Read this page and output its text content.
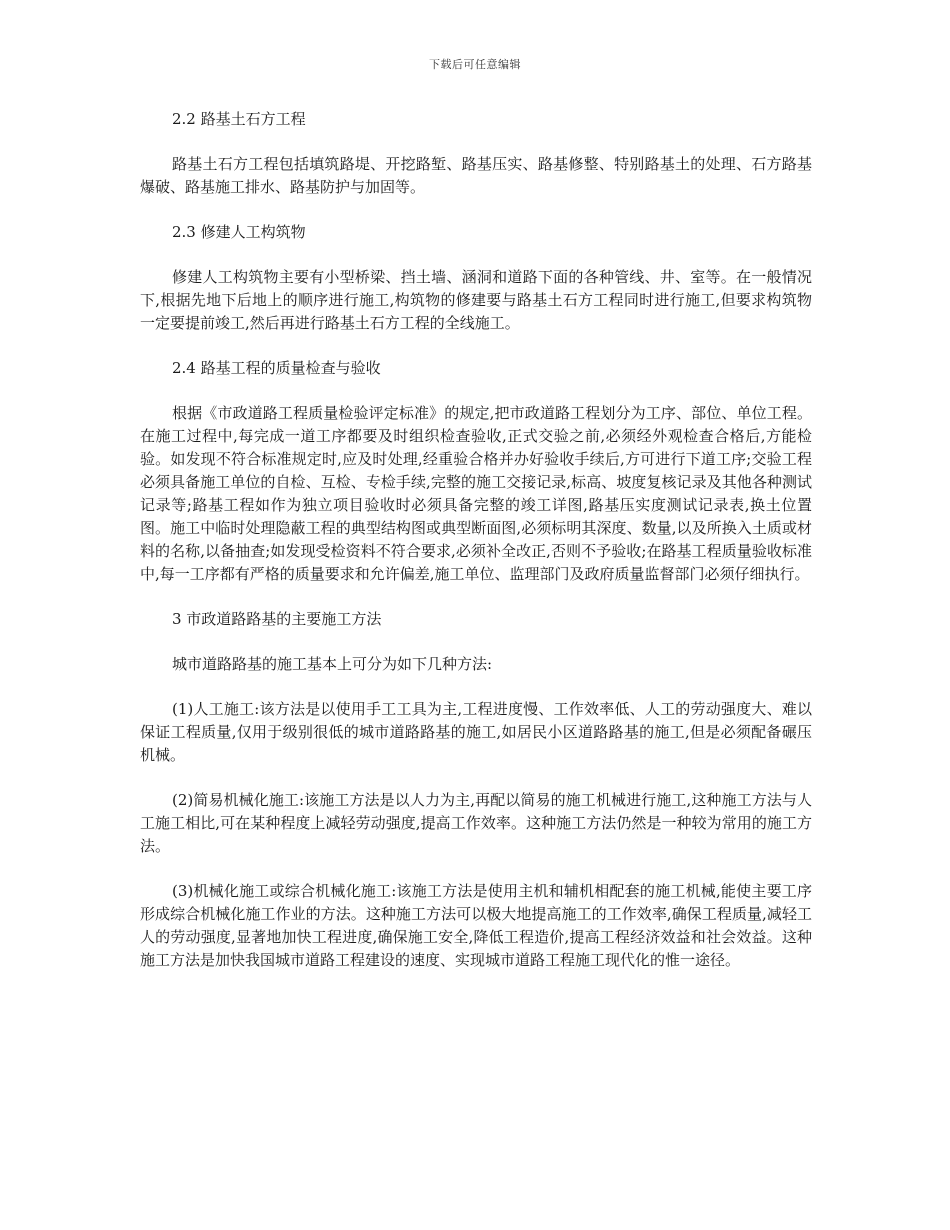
下载后可任意编辑

2.2 路基土石方工程

路基土石方工程包括填筑路堤、开挖路堑、路基压实、路基修整、特别路基土的处理、石方路基爆破、路基施工排水、路基防护与加固等。

2.3 修建人工构筑物

修建人工构筑物主要有小型桥梁、挡土墙、涵洞和道路下面的各种管线、井、室等。在一般情况下,根据先地下后地上的顺序进行施工,构筑物的修建要与路基土石方工程同时进行施工,但要求构筑物一定要提前竣工,然后再进行路基土石方工程的全线施工。

2.4 路基工程的质量检查与验收

根据《市政道路工程质量检验评定标准》的规定,把市政道路工程划分为工序、部位、单位工程。在施工过程中,每完成一道工序都要及时组织检查验收,正式交验之前,必须经外观检查合格后,方能检验。如发现不符合标准规定时,应及时处理,经重验合格并办好验收手续后,方可进行下道工序;交验工程必须具备施工单位的自检、互检、专检手续,完整的施工交接记录,标高、坡度复核记录及其他各种测试记录等;路基工程如作为独立项目验收时必须具备完整的竣工详图,路基压实度测试记录表,换土位置图。施工中临时处理隐蔽工程的典型结构图或典型断面图,必须标明其深度、数量,以及所换入土质或材料的名称,以备抽查;如发现受检资料不符合要求,必须补全改正,否则不予验收;在路基工程质量验收标准中,每一工序都有严格的质量要求和允许偏差,施工单位、监理部门及政府质量监督部门必须仔细执行。

3 市政道路路基的主要施工方法

城市道路路基的施工基本上可分为如下几种方法:

(1)人工施工:该方法是以使用手工工具为主,工程进度慢、工作效率低、人工的劳动强度大、难以保证工程质量,仅用于级别很低的城市道路路基的施工,如居民小区道路路基的施工,但是必须配备碾压机械。

(2)简易机械化施工:该施工方法是以人力为主,再配以简易的施工机械进行施工,这种施工方法与人工施工相比,可在某种程度上减轻劳动强度,提高工作效率。这种施工方法仍然是一种较为常用的施工方法。

(3)机械化施工或综合机械化施工:该施工方法是使用主机和辅机相配套的施工机械,能使主要工序形成综合机械化施工作业的方法。这种施工方法可以极大地提高施工的工作效率,确保工程质量,减轻工人的劳动强度,显著地加快工程进度,确保施工安全,降低工程造价,提高工程经济效益和社会效益。这种施工方法是加快我国城市道路工程建设的速度、实现城市道路工程施工现代化的惟一途径。
